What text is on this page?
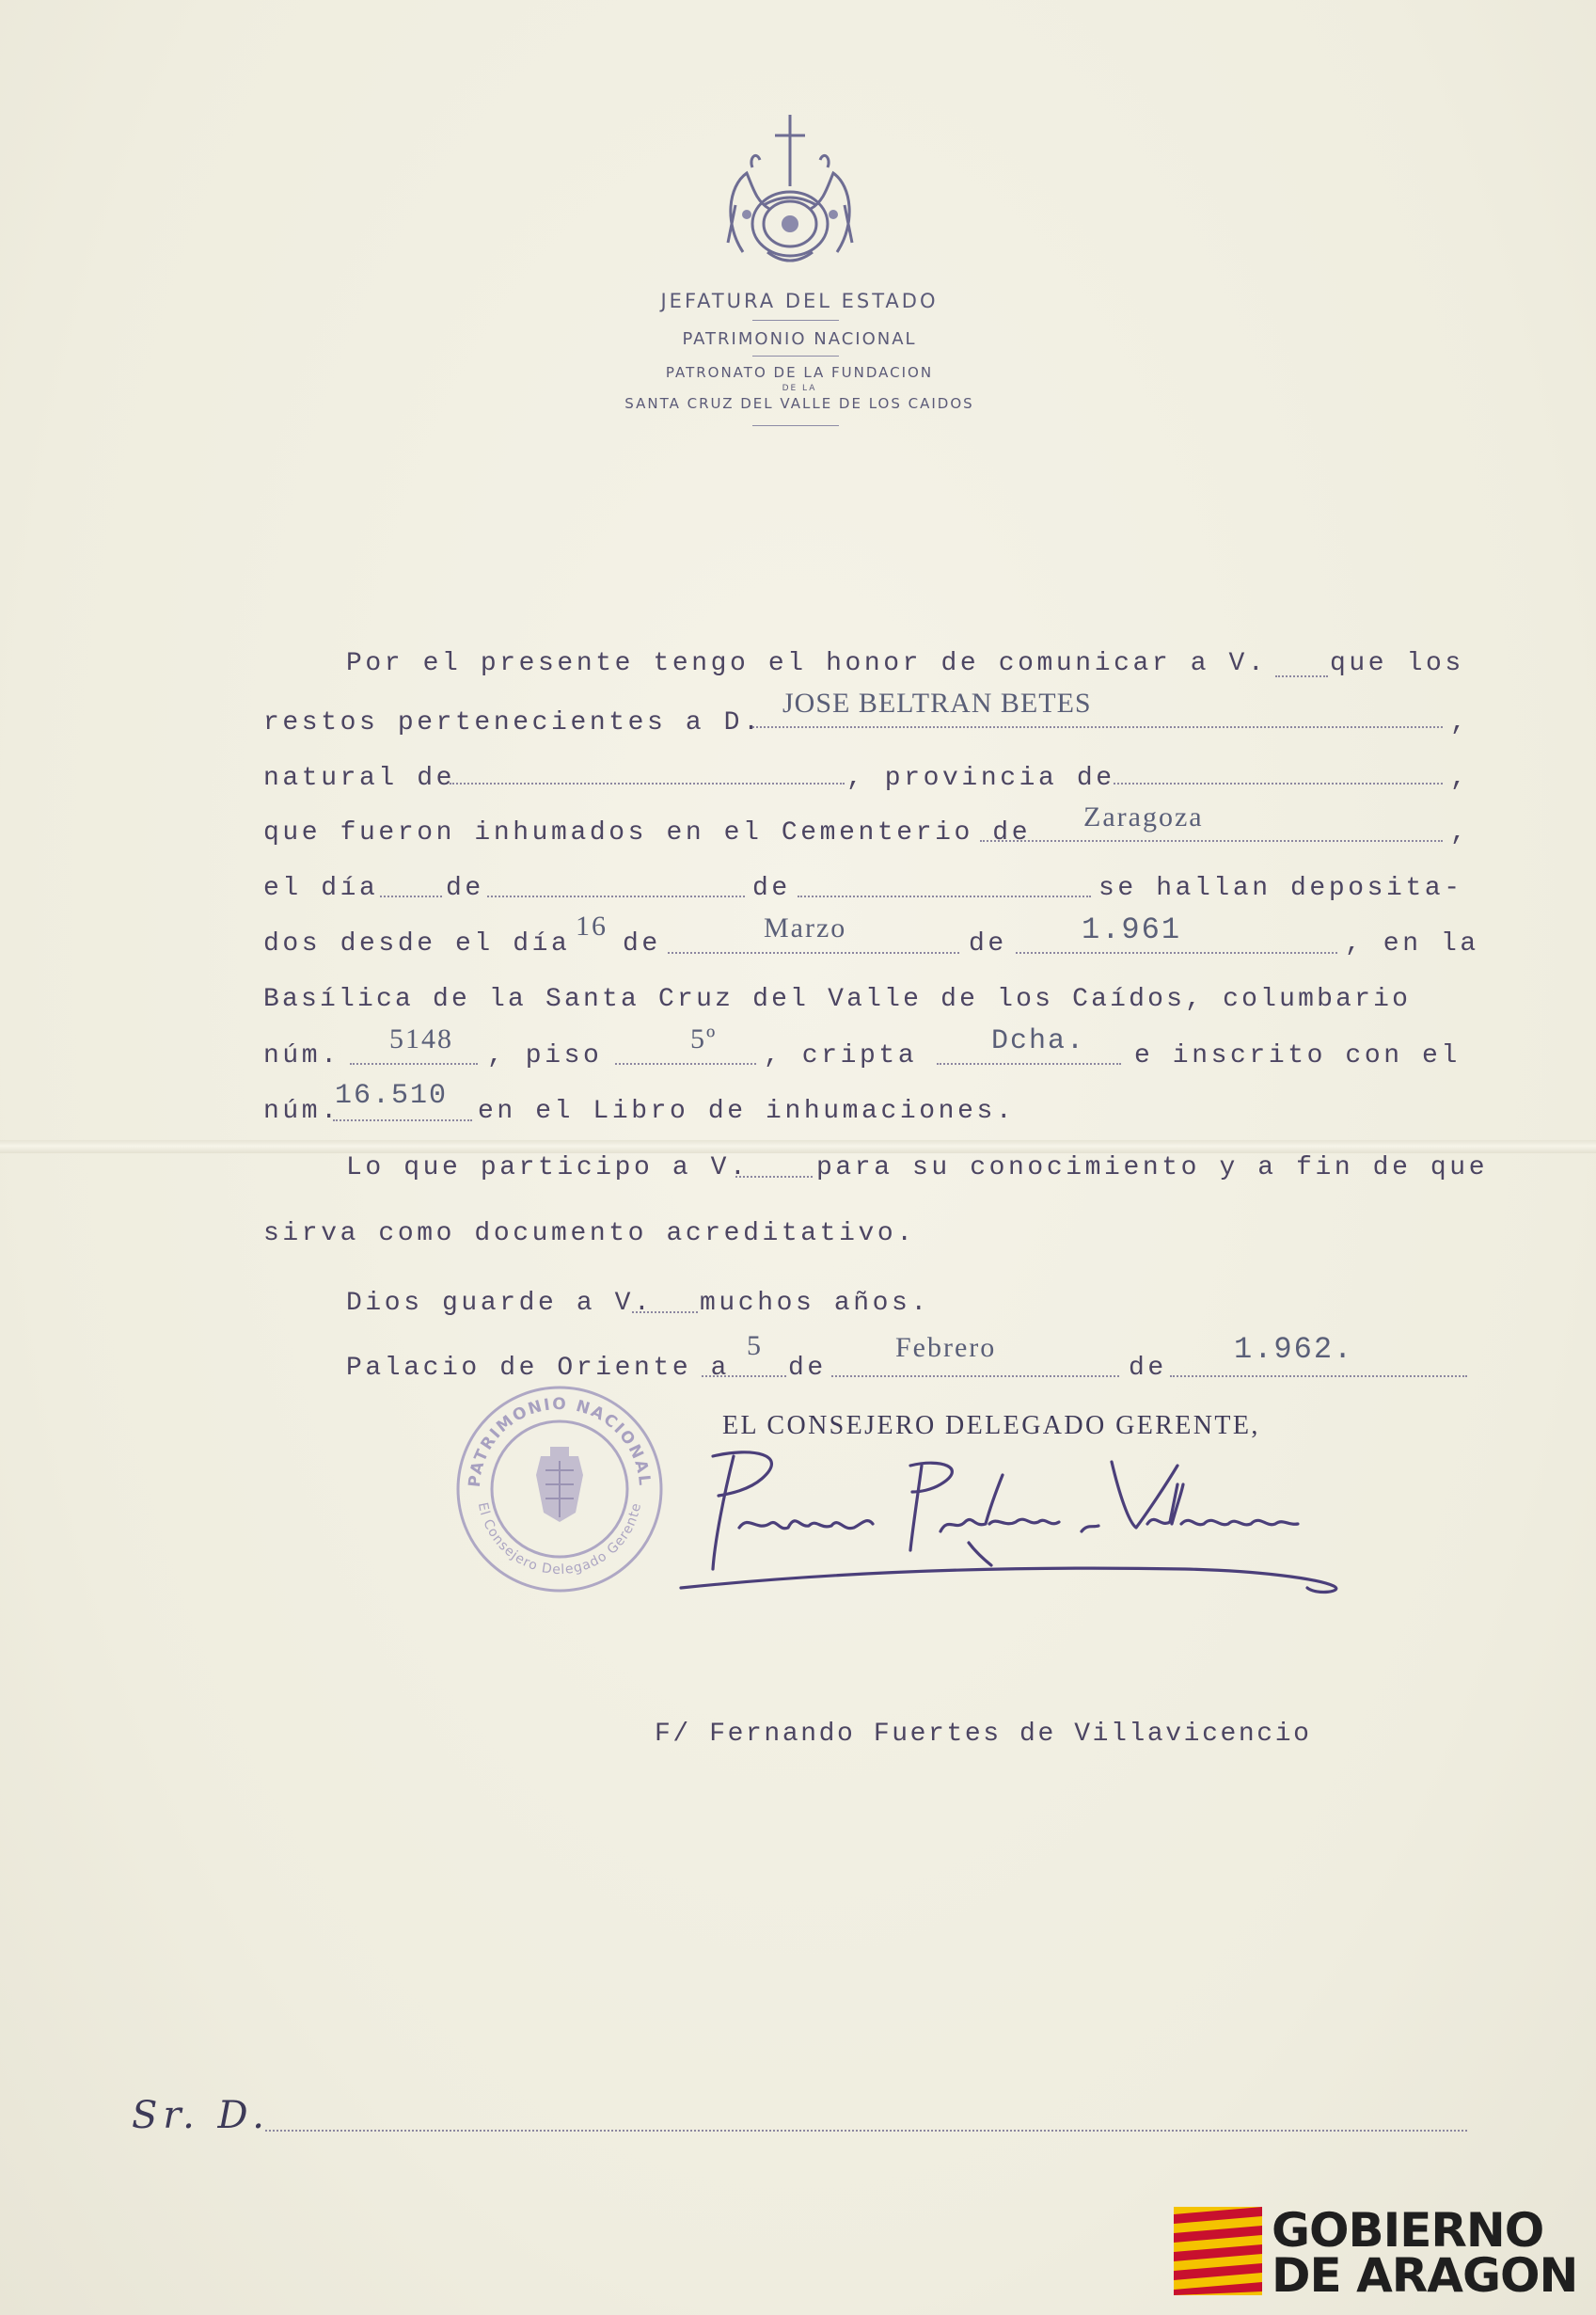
JEFATURA DEL ESTADO
PATRIMONIO NACIONAL
PATRONATO DE LA FUNDACION
DE LA
SANTA CRUZ DEL VALLE DE LOS CAIDOS
Por el presente tengo el honor de comunicar a V. que los
restos pertenecientes a D.
JOSE BELTRAN BETES
,
natural de	, provincia de	,
que fueron inhumados en el Cementerio de
Zaragoza
,
el día	de	de	se hallan deposita-
dos desde el día
16
de
Marzo
de 1.961	, en la
Basílica de la Santa Cruz del Valle de los Caídos, columbario
núm.
5148
, piso
5º
, cripta	Dcha. e inscrito con el
núm.
16.510 en el Libro de inhumaciones.
Lo que participo a V.	para su conocimiento y a fin de que
sirva como documento acreditativo.
Dios guarde a V. muchos años.
Palacio de Oriente a
5
de
Febrero
de
1.962.
EL CONSEJERO DELEGADO GERENTE,
PATRIMONIO NACIONAL
El Consejero Delegado Gerente
F/ Fernando Fuertes de Villavicencio
Sr. D.
GOBIERNO
DE ARAGON
